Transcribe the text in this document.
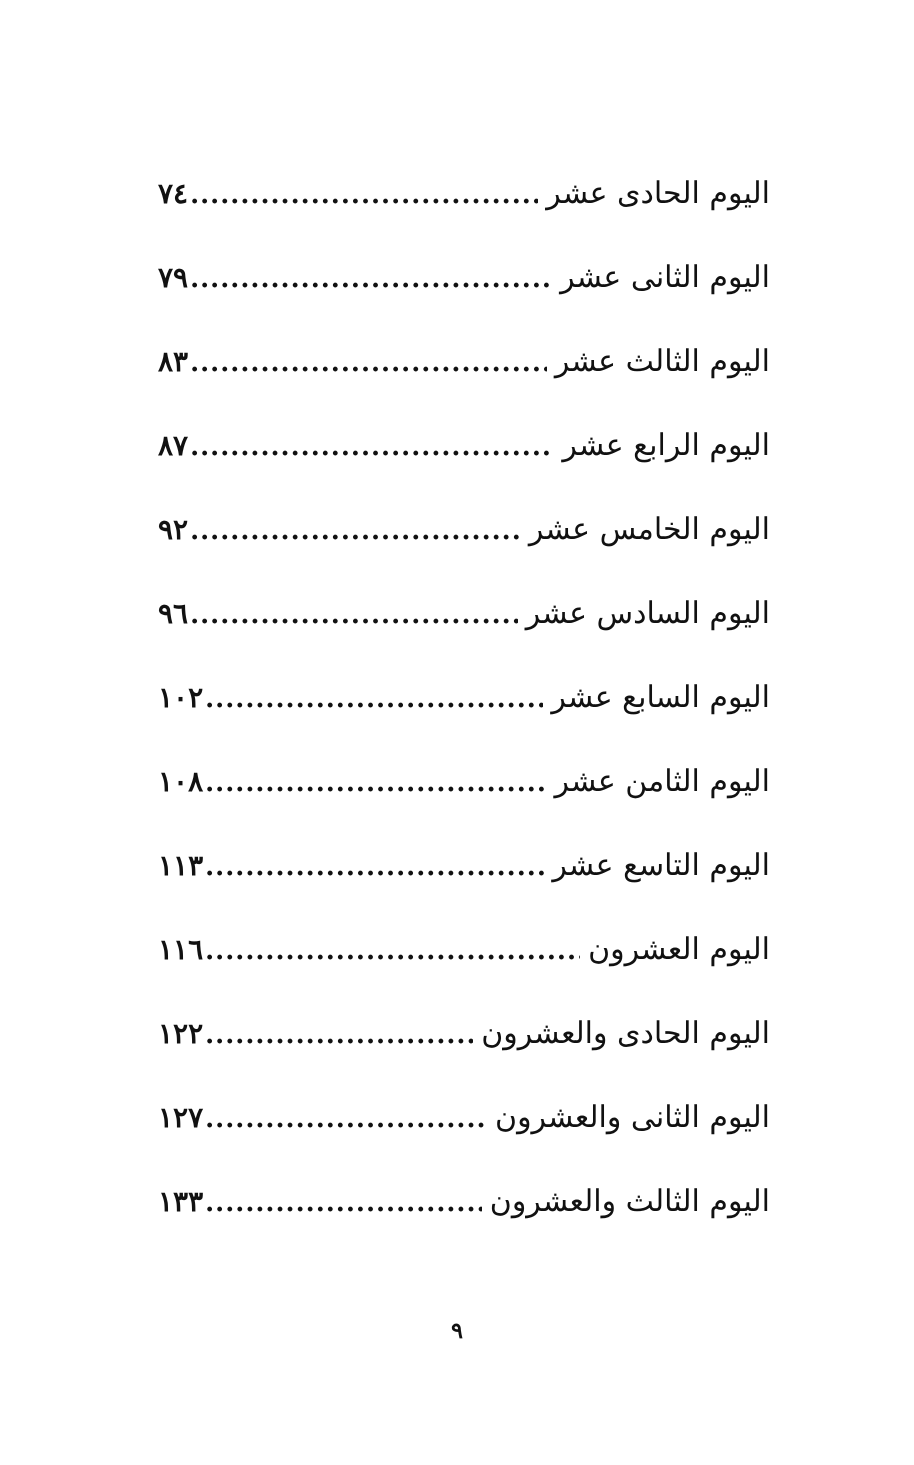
اليوم الحادى عشر
.....
٧٤
اليوم الثانى عشر
.....
٧٩
اليوم الثالث عشر
.....
٨٣
اليوم الرابع عشر
.....
٨٧
اليوم الخامس عشر
.....
٩٢
اليوم السادس عشر
.....
٩٦
اليوم السابع عشر
.....
١٠٢
اليوم الثامن عشر
.....
١٠٨
اليوم التاسع عشر
.....
١١٣
اليوم العشرون
.....
١١٦
اليوم الحادى والعشرون
.....
١٢٢
اليوم الثانى والعشرون
.....
١٢٧
اليوم الثالث والعشرون
.....
١٣٣
٩
